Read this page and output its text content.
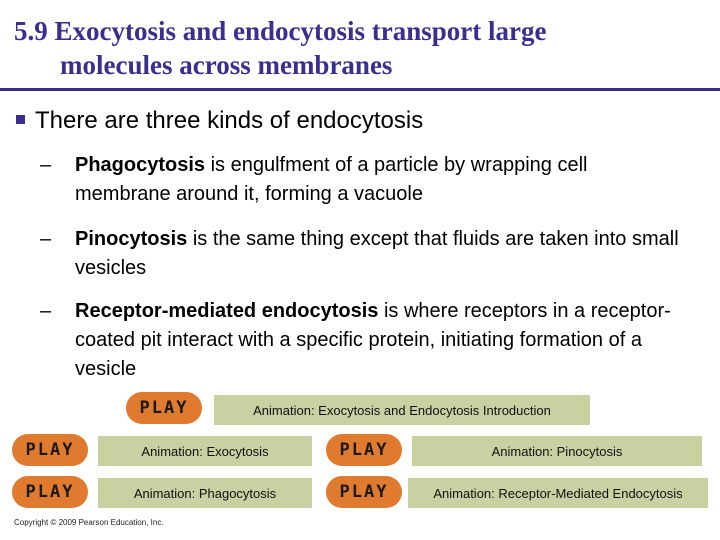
5.9 Exocytosis and endocytosis transport large
molecules across membranes
There are three kinds of endocytosis
– Phagocytosis is engulfment of a particle by wrapping cell membrane around it, forming a vacuole
– Pinocytosis is the same thing except that fluids are taken into small vesicles
– Receptor-mediated endocytosis is where receptors in a receptor-coated pit interact with a specific protein, initiating formation of a vesicle
PLAY	Animation: Exocytosis and Endocytosis Introduction
PLAY	Animation: Exocytosis	PLAY	Animation: Pinocytosis
PLAY	Animation: Phagocytosis	PLAY	Animation: Receptor-Mediated Endocytosis
Copyright © 2009 Pearson Education, Inc.
